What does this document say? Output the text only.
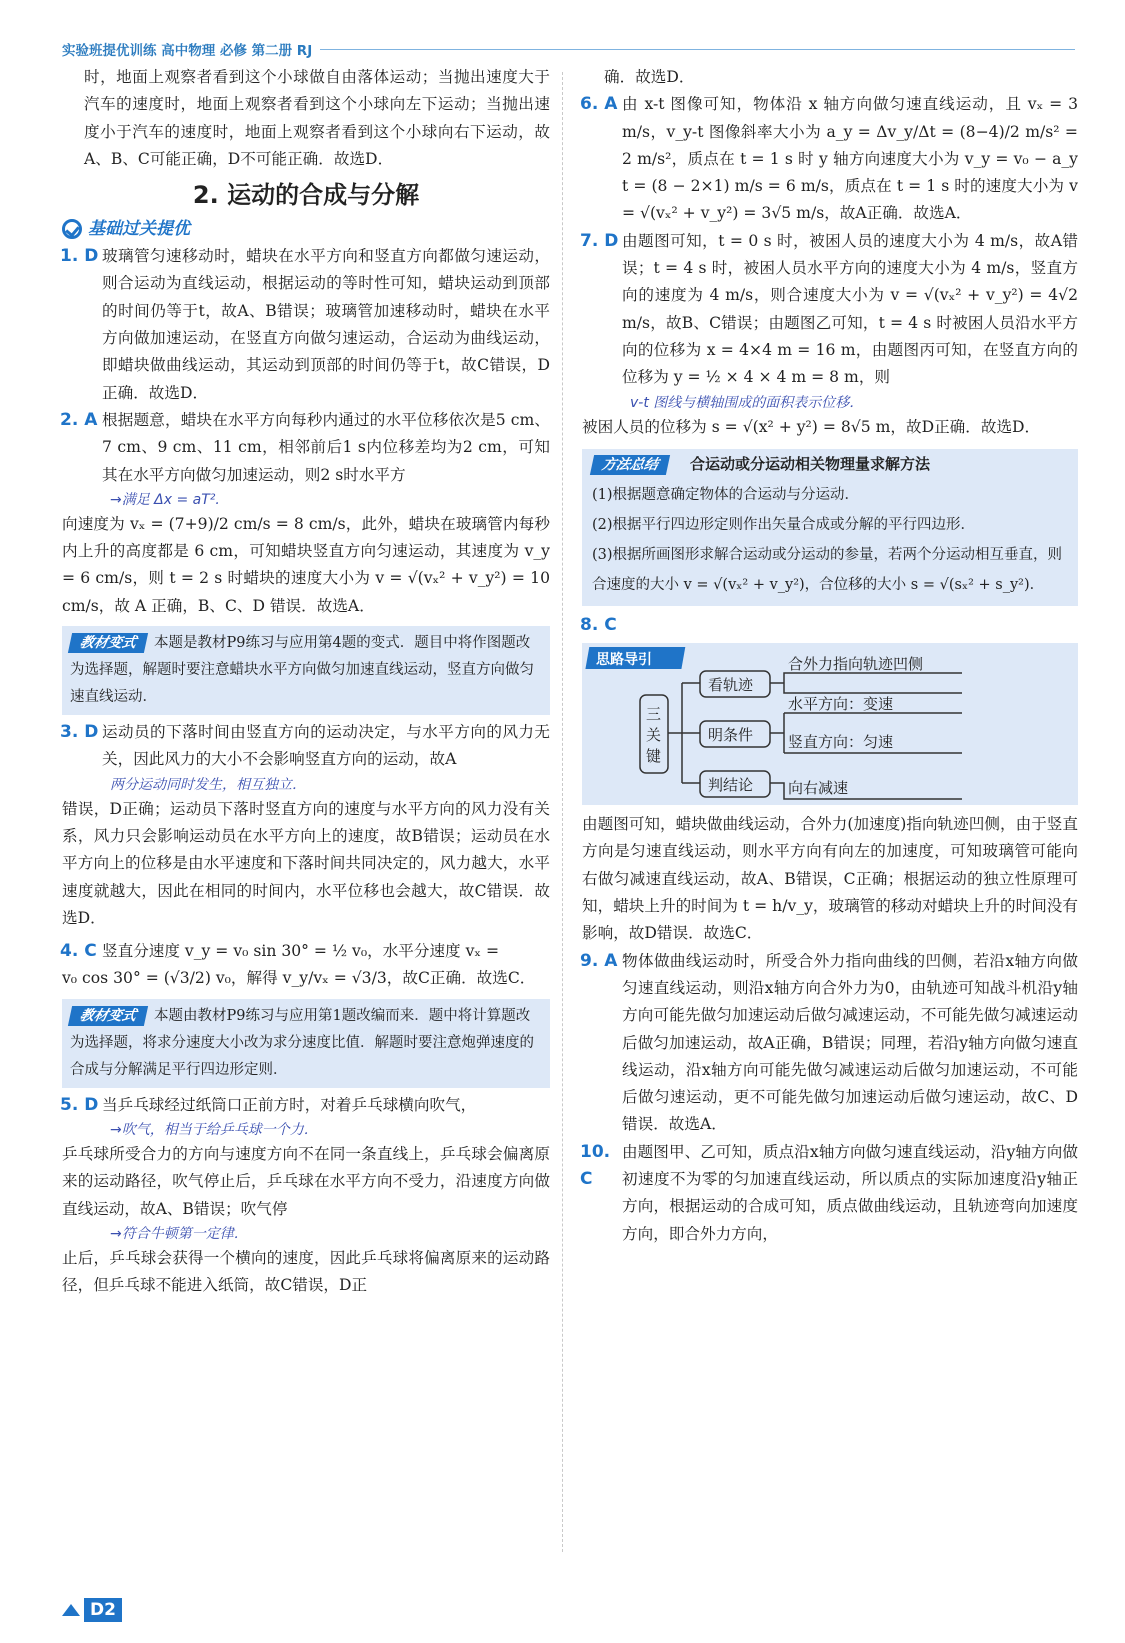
实验班提优训练 高中物理 必修 第二册 RJ

时，地面上观察者看到这个小球做自由落体运动；当抛出速度大于汽车的速度时，地面上观察者看到这个小球向左下运动；当抛出速度小于汽车的速度时，地面上观察者看到这个小球向右下运动，故A、B、C可能正确，D不可能正确．故选D．

2. 运动的合成与分解
基础过关提优
1. D 玻璃管匀速移动时，蜡块在水平方向和竖直方向都做匀速运动，则合运动为直线运动，根据运动的等时性可知，蜡块运动到顶部的时间仍等于t，故A、B错误；玻璃管加速移动时，蜡块在水平方向做加速运动，在竖直方向做匀速运动，合运动为曲线运动，即蜡块做曲线运动，其运动到顶部的时间仍等于t，故C错误，D正确．故选D．

2. A 根据题意，蜡块在水平方向每秒内通过的水平位移依次是5 cm、7 cm、9 cm、11 cm，相邻前后1 s内位移差均为2 cm，可知其在水平方向做匀加速运动，则2 s时水平方

→满足 Δx = aT².

向速度为 vₓ = (7+9)/2 cm/s = 8 cm/s，此外，蜡块在玻璃管内每秒内上升的高度都是 6 cm，可知蜡块竖直方向匀速运动，其速度为 v_y = 6 cm/s，则 t = 2 s 时蜡块的速度大小为 v = √(vₓ² + v_y²) = 10 cm/s，故 A 正确，B、C、D 错误．故选A．

教材变式 本题是教材P9练习与应用第4题的变式．题目中将作图题改为选择题，解题时要注意蜡块水平方向做匀加速直线运动，竖直方向做匀速直线运动．
3. D 运动员的下落时间由竖直方向的运动决定，与水平方向的风力无关，因此风力的大小不会影响竖直方向的运动，故A

两分运动同时发生，相互独立．

错误，D正确；运动员下落时竖直方向的速度与水平方向的风力没有关系，风力只会影响运动员在水平方向上的速度，故B错误；运动员在水平方向上的位移是由水平速度和下落时间共同决定的，风力越大，水平速度就越大，因此在相同的时间内，水平位移也会越大，故C错误．故选D．

4. C 竖直分速度 v_y = v₀ sin 30° = ½ v₀，水平分速度 vₓ =

v₀ cos 30° = (√3/2) v₀，解得 v_y/vₓ = √3/3，故C正确．故选C．

教材变式 本题由教材P9练习与应用第1题改编而来．题中将计算题改为选择题，将求分速度大小改为求分速度比值．解题时要注意炮弹速度的合成与分解满足平行四边形定则．
5. D 当乒乓球经过纸筒口正前方时，对着乒乓球横向吹气，

→吹气，相当于给乒乓球一个力．

乒乓球所受合力的方向与速度方向不在同一条直线上，乒乓球会偏离原来的运动路径，吹气停止后，乒乓球在水平方向不受力，沿速度方向做直线运动，故A、B错误；吹气停

→符合牛顿第一定律．

止后，乒乓球会获得一个横向的速度，因此乒乓球将偏离原来的运动路径，但乒乓球不能进入纸筒，故C错误，D正

确．故选D．

6. A 由 x-t 图像可知，物体沿 x 轴方向做匀速直线运动，且 vₓ = 3 m/s，v_y-t 图像斜率大小为 a_y = Δv_y/Δt = (8−4)/2 m/s² = 2 m/s²，质点在 t = 1 s 时 y 轴方向速度大小为 v_y = v₀ − a_y t = (8 − 2×1) m/s = 6 m/s，质点在 t = 1 s 时的速度大小为 v = √(vₓ² + v_y²) = 3√5 m/s，故A正确．故选A．

7. D 由题图可知，t = 0 s 时，被困人员的速度大小为 4 m/s，故A错误；t = 4 s 时，被困人员水平方向的速度大小为 4 m/s，竖直方向的速度为 4 m/s，则合速度大小为 v = √(vₓ² + v_y²) = 4√2 m/s，故B、C错误；由题图乙可知，t = 4 s 时被困人员沿水平方向的位移为 x = 4×4 m = 16 m，由题图丙可知，在竖直方向的位移为 y = ½ × 4 × 4 m = 8 m，则

v-t 图线与横轴围成的面积表示位移．

被困人员的位移为 s = √(x² + y²) = 8√5 m，故D正确．故选D．

方法总结 合运动或分运动相关物理量求解方法
(1)根据题意确定物体的合运动与分运动．
(2)根据平行四边形定则作出矢量合成或分解的平行四边形．
(3)根据所画图形求解合运动或分运动的参量，若两个分运动相互垂直，则合速度的大小 v = √(vₓ² + v_y²)，合位移的大小 s = √(sₓ² + s_y²)．
8. C
思路导引
三
关
键
看轨迹
明条件
判结论
合外力指向轨迹凹侧
水平方向：变速
竖直方向：匀速
向右减速

由题图可知，蜡块做曲线运动，合外力(加速度)指向轨迹凹侧，由于竖直方向是匀速直线运动，则水平方向有向左的加速度，可知玻璃管可能向右做匀减速直线运动，故A、B错误，C正确；根据运动的独立性原理可知，蜡块上升的时间为 t = h/v_y，玻璃管的移动对蜡块上升的时间没有影响，故D错误．故选C．

9. A 物体做曲线运动时，所受合外力指向曲线的凹侧，若沿x轴方向做匀速直线运动，则沿x轴方向合外力为0，由轨迹可知战斗机沿y轴方向可能先做匀加速运动后做匀减速运动，不可能先做匀减速运动后做匀加速运动，故A正确，B错误；同理，若沿y轴方向做匀速直线运动，沿x轴方向可能先做匀减速运动后做匀加速运动，不可能后做匀速运动，更不可能先做匀加速运动后做匀速运动，故C、D错误．故选A．

10. C

由题图甲、乙可知，质点沿x轴方向做匀速直线运动，沿y轴方向做初速度不为零的匀加速直线运动，所以质点的实际加速度沿y轴正方向，根据运动的合成可知，质点做曲线运动，且轨迹弯向加速度方向，即合外力方向，

D2
